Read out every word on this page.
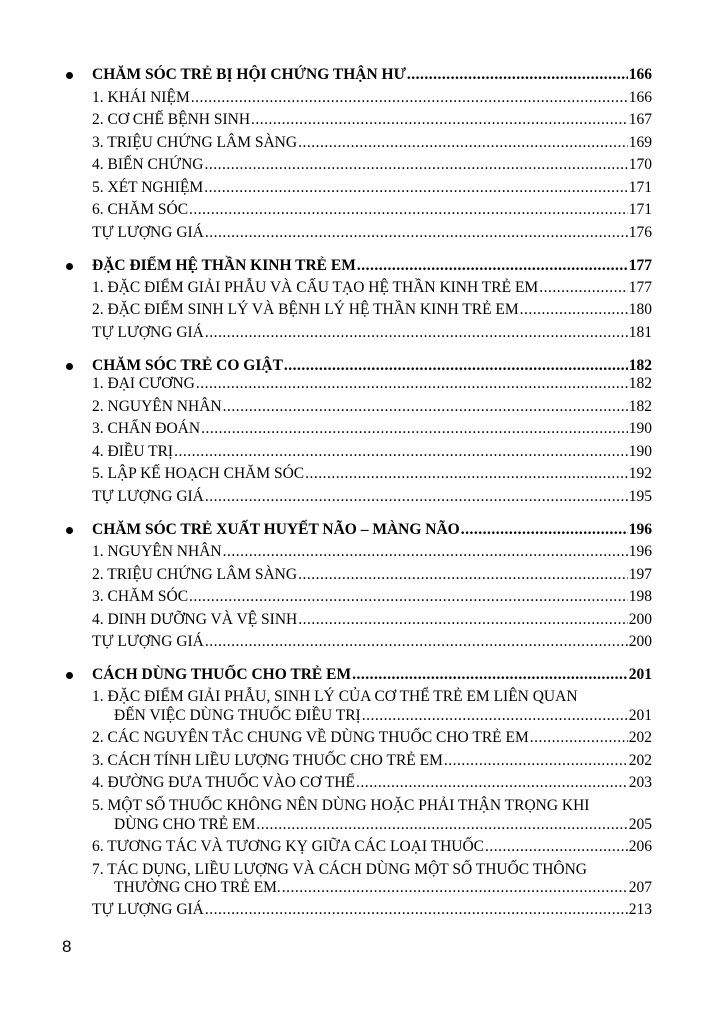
CHĂM SÓC TRẺ BỊ HỘI CHỨNG THẬN HƯ .....	166
1. KHÁI NIỆM .....	166
2. CƠ CHẾ BỆNH SINH .....	167
3. TRIỆU CHỨNG LÂM SÀNG .....	169
4. BIẾN CHỨNG .....	170
5. XÉT NGHIỆM .....	171
6. CHĂM SÓC .....	171
TỰ LƯỢNG GIÁ .....	176
ĐẶC ĐIỂM HỆ THẦN KINH TRẺ EM .....	177
1. ĐẶC ĐIỂM GIẢI PHẪU VÀ CẤU TẠO HỆ THẦN KINH TRẺ EM .....	177
2. ĐẶC ĐIỂM SINH LÝ VÀ BỆNH LÝ HỆ THẦN KINH TRẺ EM .....	180
TỰ LƯỢNG GIÁ .....	181
CHĂM SÓC TRẺ CO GIẬT .....	182
1. ĐẠI CƯƠNG .....	182
2. NGUYÊN NHÂN .....	182
3. CHẨN ĐOÁN .....	190
4. ĐIỀU TRỊ .....	190
5. LẬP KẾ HOẠCH CHĂM SÓC .....	192
TỰ LƯỢNG GIÁ .....	195
CHĂM SÓC TRẺ XUẤT HUYẾT NÃO – MÀNG NÃO .....	196
1. NGUYÊN NHÂN .....	196
2. TRIỆU CHỨNG LÂM SÀNG .....	197
3. CHĂM SÓC .....	198
4. DINH DƯỠNG VÀ VỆ SINH .....	200
TỰ LƯỢNG GIÁ .....	200
CÁCH DÙNG THUỐC CHO TRẺ EM .....	201
1. ĐẶC ĐIỂM GIẢI PHẪU, SINH LÝ CỦA CƠ THỂ TRẺ EM LIÊN QUAN
ĐẾN VIỆC DÙNG THUỐC ĐIỀU TRỊ .....	201
2. CÁC NGUYÊN TẮC CHUNG VỀ DÙNG THUỐC CHO TRẺ EM .....	202
3. CÁCH TÍNH LIỀU LƯỢNG THUỐC CHO TRẺ EM .....	202
4. ĐƯỜNG ĐƯA THUỐC VÀO CƠ THỂ .....	203
5. MỘT SỐ THUỐC KHÔNG NÊN DÙNG HOẶC PHẢI THẬN TRỌNG KHI
DÙNG CHO TRẺ EM .....	205
6. TƯƠNG TÁC VÀ TƯƠNG KỴ GIỮA CÁC LOẠI THUỐC .....	206
7. TÁC DỤNG, LIỀU LƯỢNG VÀ CÁCH DÙNG MỘT SỐ THUỐC THÔNG
THƯỜNG CHO TRẺ EM. .....	207
TỰ LƯỢNG GIÁ .....	213
8
